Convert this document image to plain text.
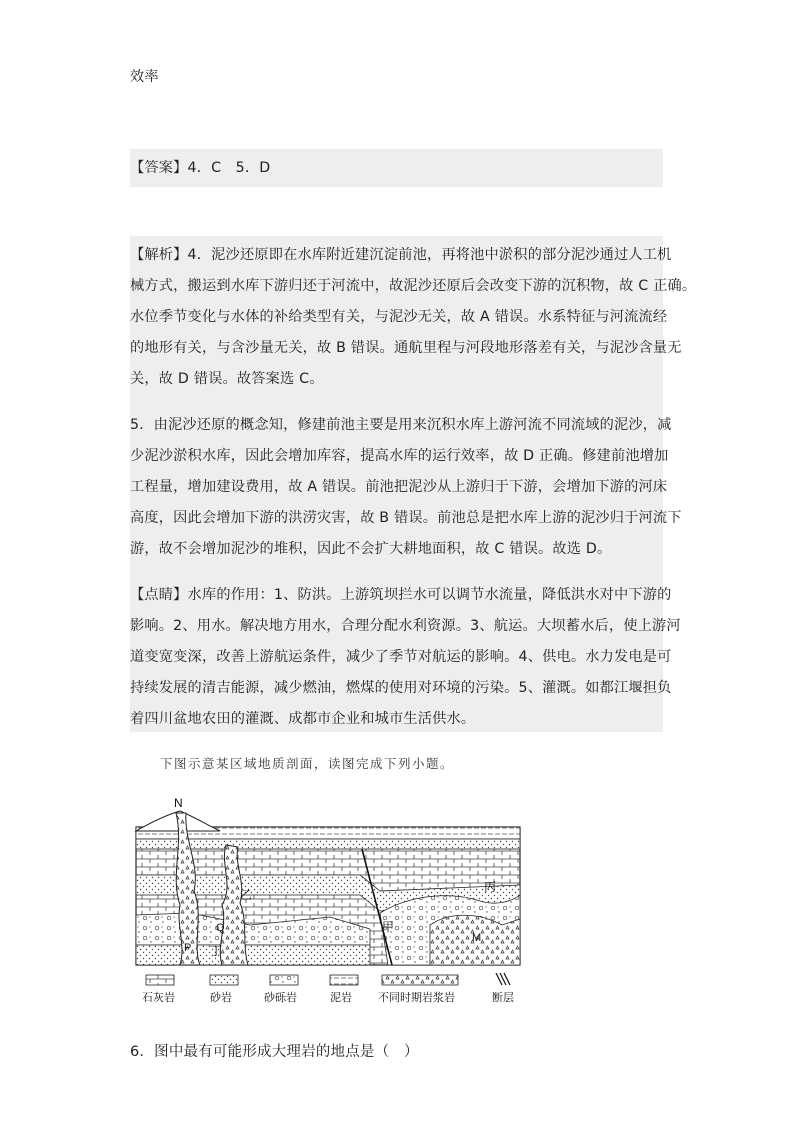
效率

【答案】4．C　5．D

【解析】4．泥沙还原即在水库附近建沉淀前池，再将池中淤积的部分泥沙通过人工机

械方式，搬运到水库下游归还于河流中，故泥沙还原后会改变下游的沉积物，故 C 正确。

水位季节变化与水体的补给类型有关，与泥沙无关，故 A 错误。水系特征与河流流经

的地形有关，与含沙量无关，故 B 错误。通航里程与河段地形落差有关，与泥沙含量无

关，故 D 错误。故答案选 C。

5．由泥沙还原的概念知，修建前池主要是用来沉积水库上游河流不同流域的泥沙，减

少泥沙淤积水库，因此会增加库容，提高水库的运行效率，故 D 正确。修建前池增加

工程量，增加建设费用，故 A 错误。前池把泥沙从上游归于下游，会增加下游的河床

高度，因此会增加下游的洪涝灾害，故 B 错误。前池总是把水库上游的泥沙归于河流下

游，故不会增加泥沙的堆积，因此不会扩大耕地面积，故 C 错误。故选 D。

【点睛】水库的作用：1、防洪。上游筑坝拦水可以调节水流量，降低洪水对中下游的

影响。2、用水。解决地方用水，合理分配水利资源。3、航运。大坝蓄水后，使上游河

道变宽变深，改善上游航运条件，减少了季节对航运的影响。4、供电。水力发电是可

持续发展的清吉能源，减少燃油，燃煤的使用对环境的污染。5、灌溉。如都江堰担负

着四川盆地农田的灌溉、成都市企业和城市生活供水。

下图示意某区域地质剖面，读图完成下列小题。

N
乙
丙
甲
Q
丁
P
M
石灰岩	砂岩	砂砾岩	泥岩 不同时期岩浆岩	断层

6．图中最有可能形成大理岩的地点是（　）
